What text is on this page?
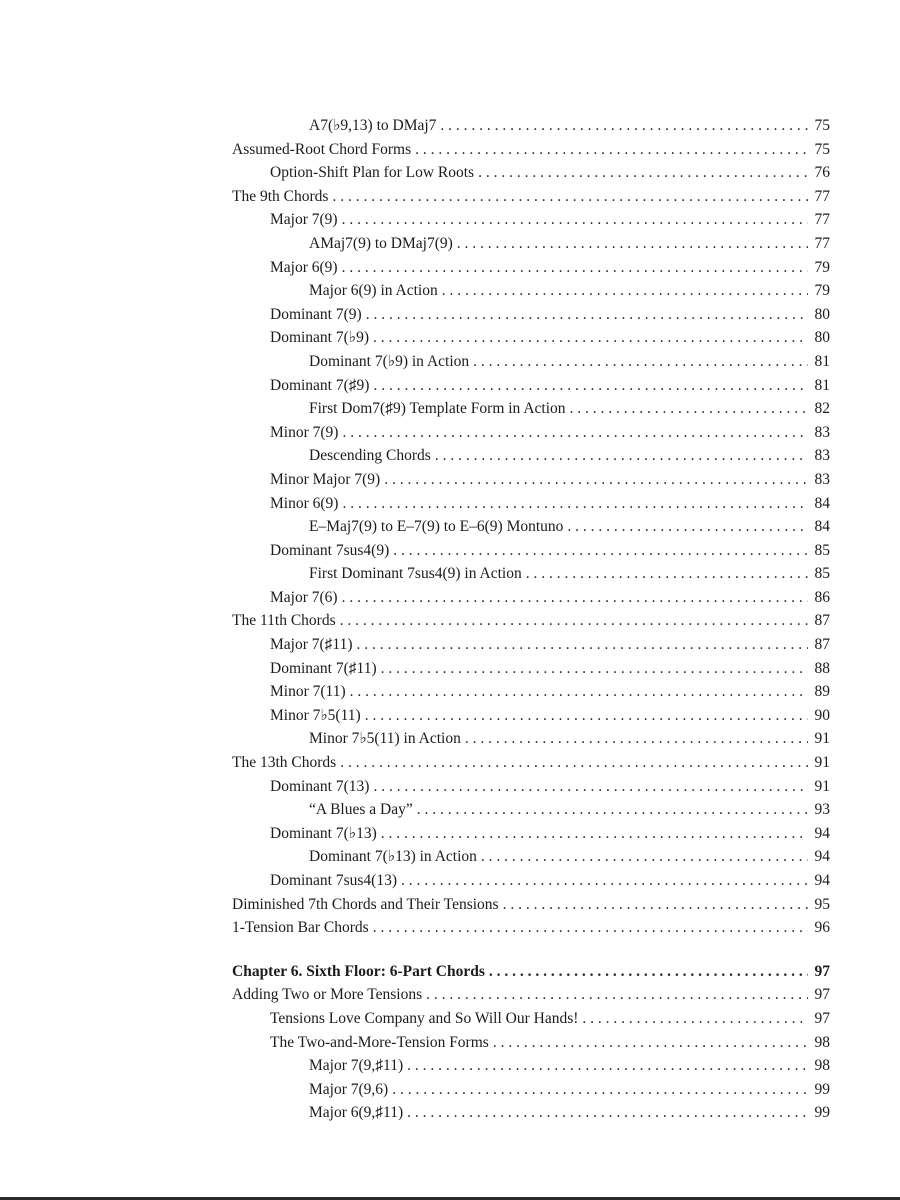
A7(♭9,13) to DMaj7 . . .	75
Assumed-Root Chord Forms . . .	75
Option-Shift Plan for Low Roots . . .	76
The 9th Chords . . .	77
Major 7(9) . . .	77
AMaj7(9) to DMaj7(9) . . .	77
Major 6(9) . . .	79
Major 6(9) in Action . . .	79
Dominant 7(9) . . .	80
Dominant 7(♭9) . . .	80
Dominant 7(♭9) in Action . . .	81
Dominant 7(♯9) . . .	81
First Dom7(♯9) Template Form in Action . . .	82
Minor 7(9) . . .	83
Descending Chords . . .	83
Minor Major 7(9) . . .	83
Minor 6(9) . . .	84
E–Maj7(9) to E–7(9) to E–6(9) Montuno . . .	84
Dominant 7sus4(9) . . .	85
First Dominant 7sus4(9) in Action . . .	85
Major 7(6) . . .	86
The 11th Chords . . .	87
Major 7(♯11) . . .	87
Dominant 7(♯11) . . .	88
Minor 7(11) . . .	89
Minor 7♭5(11) . . .	90
Minor 7♭5(11) in Action . . .	91
The 13th Chords . . .	91
Dominant 7(13) . . .	91
“A Blues a Day” . . .	93
Dominant 7(♭13) . . .	94
Dominant 7(♭13) in Action . . .	94
Dominant 7sus4(13) . . .	94
Diminished 7th Chords and Their Tensions . . .	95
1-Tension Bar Chords . . .	96
Chapter 6. Sixth Floor: 6-Part Chords . . .	97
Adding Two or More Tensions . . .	97
Tensions Love Company and So Will Our Hands! . . .	97
The Two-and-More-Tension Forms . . .	98
Major 7(9,♯11) . . .	98
Major 7(9,6) . . .	99
Major 6(9,♯11) . . .	99
